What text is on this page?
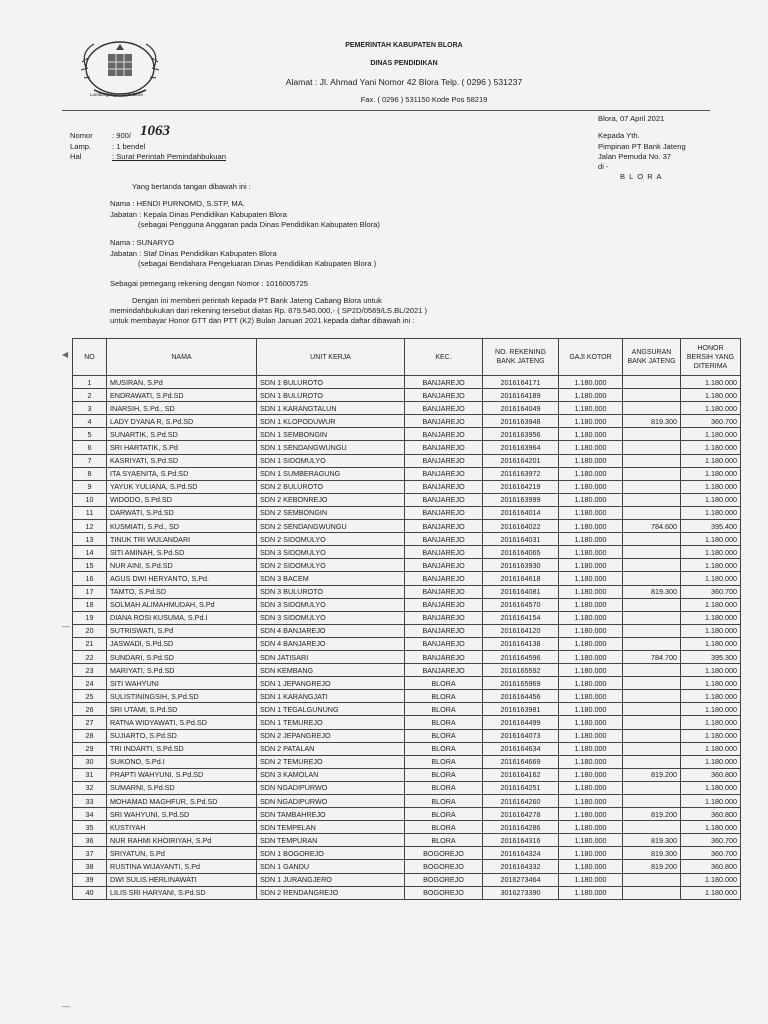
Lumbung Jaya Bumi Blora
PEMERINTAH KABUPATEN BLORA
DINAS PENDIDIKAN
Alamat : Jl. Ahmad Yani Nomor 42 Blora Telp. ( 0296 ) 531237
Fax. ( 0296 ) 531150 Kode Pos 58219
Blora, 07 April 2021
Kepada Yth.
Pimpinan PT Bank Jateng
Jalan Pemuda No. 37
di -
B L O R A
Nomor	: 900/ 1063
Lamp.	: 1 bendel
Hal	: Surat Perintah Pemindahbukuan
Yang bertanda tangan dibawah ini :
Nama : HENDI PURNOMO, S.STP, MA.
Jabatan : Kepala Dinas Pendidikan Kabupaten Blora
(sebagai Pengguna Anggaran pada Dinas Pendidikan Kabupaten Blora)
Nama : SUNARYO
Jabatan : Staf Dinas Pendidikan Kabupaten Blora
(sebagai Bendahara Pengeluaran Dinas Pendidikan Kabupaten Blora )
Sebagai pemegang rekening dengan Nomor : 1016005725
Dengan ini memberi perintah kepada PT Bank Jateng Cabang Blora untuk
memindahbukukan dari rekening tersebut diatas Rp. 879.540.000,- ( SP2D/0569/LS.BL/2021 )
untuk membayar Honor GTT dan PTT (K2) Bulan Januari 2021 kepada daftar dibawah ini :
◀
—
—
NO	NAMA	UNIT KERJA	KEC.	NO. REKENING BANK JATENG	GAJI KOTOR	ANGSURAN BANK JATENG	HONOR BERSIH YANG DITERIMA
1	MUSIRAN, S.Pd	SDN 1 BULUROTO	BANJAREJO	2016164171	1.180.000		1.180.000
2	ENDRAWATI, S.Pd.SD	SDN 1 BULUROTO	BANJAREJO	2016164189	1.180.000		1.180.000
3	INARSIH, S.Pd., SD	SDN 1 KARANGTALUN	BANJAREJO	2016164049	1.180.000		1.180.000
4	LADY DYANA R, S.Pd.SD	SDN 1 KLOPODUWUR	BANJAREJO	2016163948	1.180.000	819.300	360.700
5	SUNARTIK, S.Pd.SD	SDN 1 SEMBONGIN	BANJAREJO	2016163956	1.180.000		1.180.000
6	SRI HARTATIK, S.Pd	SDN 1 SENDANGWUNGU	BANJAREJO	2016163964	1.180.000		1.180.000
7	KASRIYATI, S.Pd.SD	SDN 1 SIDOMULYO	BANJAREJO	2016164201	1.180.000		1.180.000
8	ITA SYAENITA, S.Pd.SD	SDN 1 SUMBERAGUNG	BANJAREJO	2016163972	1.180.000		1.180.000
9	YAYUK YULIANA, S.Pd.SD	SDN 2 BULUROTO	BANJAREJO	2016164219	1.180.000		1.180.000
10	WIDODO, S.Pd.SD	SDN 2 KEBONREJO	BANJAREJO	2016163999	1.180.000		1.180.000
11	DARWATI, S.Pd.SD	SDN 2 SEMBONGIN	BANJAREJO	2016164014	1.180.000		1.180.000
12	KUSMIATI, S.Pd., SD	SDN 2 SENDANGWUNGU	BANJAREJO	2016164022	1.180.000	784.600	395.400
13	TINUK TRI WULANDARI	SDN 2 SIDOMULYO	BANJAREJO	2016164031	1.180.000		1.180.000
14	SITI AMINAH, S.Pd.SD	SDN 3 SIDOMULYO	BANJAREJO	2016164065	1.180.000		1.180.000
15	NUR AINI, S.Pd.SD	SDN 2 SIDOMULYO	BANJAREJO	2016163930	1.180.000		1.180.000
16	AGUS DWI HERYANTO, S.Pd.	SDN 3 BACEM	BANJAREJO	2016164618	1.180.000		1.180.000
17	TAMTO, S.Pd.SD	SDN 3 BULUROTO	BANJAREJO	2016164081	1.180.000	819.300	360.700
18	SOLMAH ALIMAHMUDAH, S.Pd	SDN 3 SIDOMULYO	BANJAREJO	2016164570	1.180.000		1.180.000
19	DIANA ROSI KUSUMA, S.Pd.I	SDN 3 SIDOMULYO	BANJAREJO	2016164154	1.180.000		1.180.000
20	SUTRISWATI, S.Pd	SDN 4 BANJAREJO	BANJAREJO	2016164120	1.180.000		1.180.000
21	JASWADI, S.Pd.SD	SDN 4 BANJAREJO	BANJAREJO	2016164138	1.180.000		1.180.000
22	SUNDARI, S.Pd.SD	SDN JATISARI	BANJAREJO	2016164596	1.180.000	784.700	395.300
23	MARIYATI, S.Pd.SD	SDN KEMBANG	BANJAREJO	2016165592	1.180.000		1.180.000
24	SITI WAHYUNI	SDN 1 JEPANGREJO	BLORA	2016165969	1.180.000		1.180.000
25	SULISTININGSIH, S.Pd.SD	SDN 1 KARANGJATI	BLORA	2016164456	1.180.000		1.180.000
26	SRI UTAMI, S.Pd.SD	SDN 1 TEGALGUNUNG	BLORA	2016163981	1.180.000		1.180.000
27	RATNA WIDYAWATI, S.Pd.SD	SDN 1 TEMUREJO	BLORA	2016164499	1.180.000		1.180.000
28	SUJIARTO, S.Pd.SD	SDN 2 JEPANGREJO	BLORA	2016164073	1.180.000		1.180.000
29	TRI INDARTI, S.Pd.SD	SDN 2 PATALAN	BLORA	2016164634	1.180.000		1.180.000
30	SUKONO, S.Pd.I	SDN 2 TEMUREJO	BLORA	2016164669	1.180.000		1.180.000
31	PRAPTI WAHYUNI, S.Pd.SD	SDN 3 KAMOLAN	BLORA	2016164162	1.180.000	819.200	360.800
32	SUMARNI, S.Pd.SD	SDN NGADIPURWO	BLORA	2016164251	1.180.000		1.180.000
33	MOHAMAD MAGHFUR, S.Pd.SD	SDN NGADIPURWO	BLORA	2016164260	1.180.000		1.180.000
34	SRI WAHYUNI, S.Pd.SD	SDN TAMBAHREJO	BLORA	2016164278	1.180.000	819.200	360.800
35	KUSTIYAH	SDN TEMPELAN	BLORA	2016164286	1.180.000		1.180.000
36	NUR RAHMI KHOIRIYAH, S.Pd	SDN TEMPURAN	BLORA	2016164316	1.180.000	819.300	360.700
37	SRIYATUN, S.Pd	SDN 1 BOGOREJO	BOGOREJO	2016164324	1.180.000	819.300	360.700
38	RUSTINA WIJAYANTI, S.Pd	SDN 1 GANDU	BOGOREJO	2016164332	1.180.000	819.200	360.800
39	DWI SULIS HERLINAWATI	SDN 1 JURANGJERO	BOGOREJO	2016273464	1.180.000		1.180.000
40	LILIS SRI HARYANI, S.Pd.SD	SDN 2 RENDANGREJO	BOGOREJO	3016273390	1.180.000		1.180.000
